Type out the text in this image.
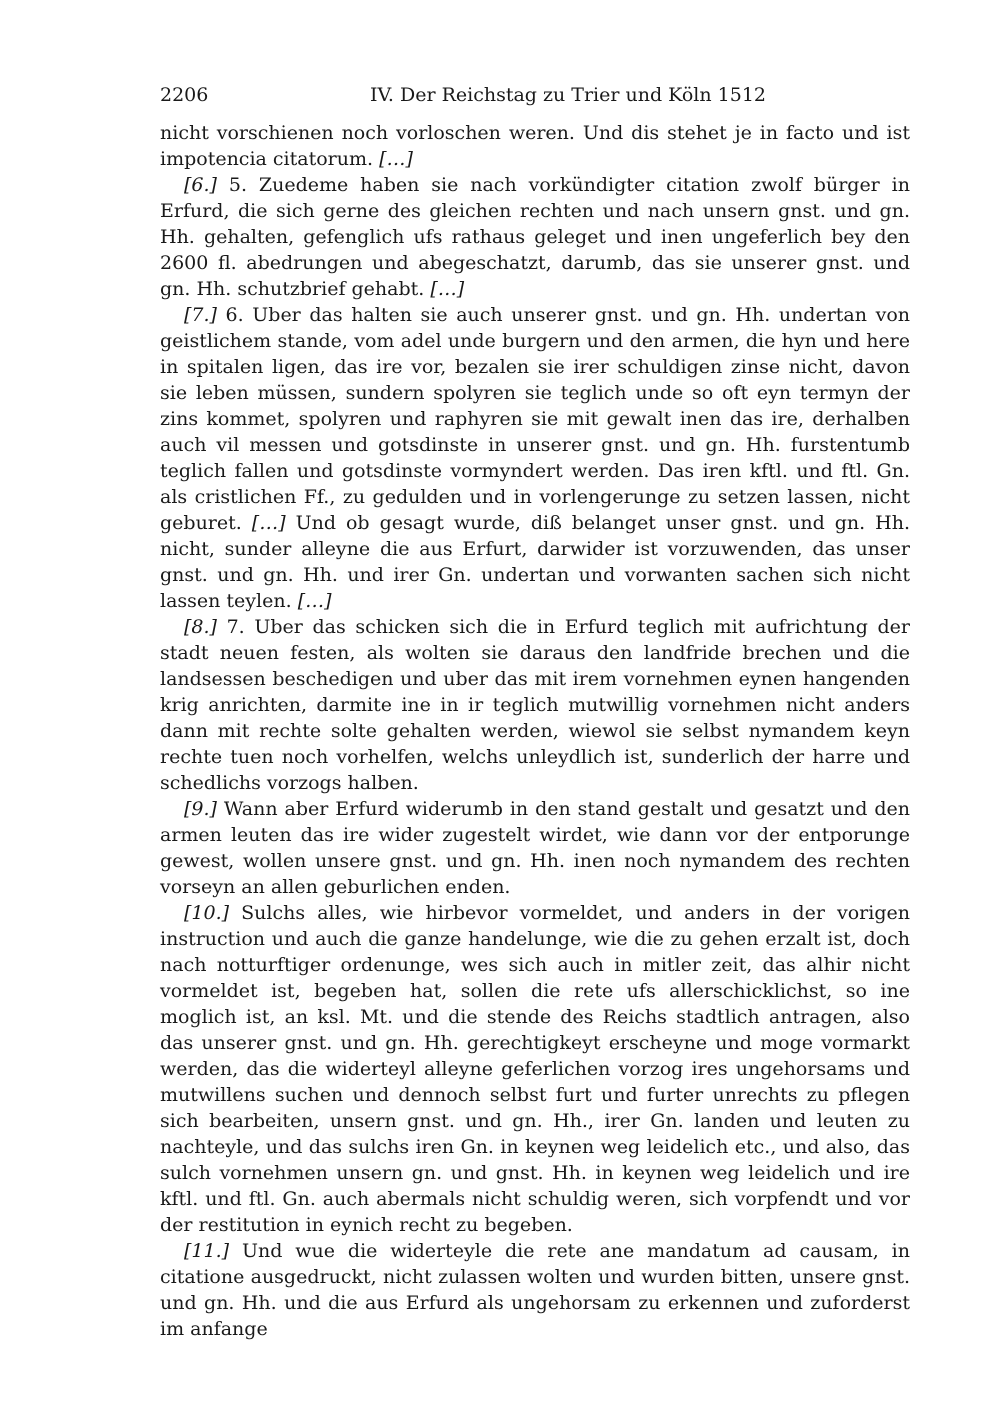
2206	IV. Der Reichstag zu Trier und Köln 1512

nicht vorschienen noch vorloschen weren. Und dis stehet je in facto und ist impotencia citatorum. […]

[6.] 5. Zuedeme haben sie nach vorkündigter citation zwolf bürger in Erfurd, die sich gerne des gleichen rechten und nach unsern gnst. und gn. Hh. gehalten, gefenglich ufs rathaus geleget und inen ungeferlich bey den 2600 fl. abedrungen und abegeschatzt, darumb, das sie unserer gnst. und gn. Hh. schutzbrief gehabt. […]

[7.] 6. Uber das halten sie auch unserer gnst. und gn. Hh. undertan von geistlichem stande, vom adel unde burgern und den armen, die hyn und here in spitalen ligen, das ire vor, bezalen sie irer schuldigen zinse nicht, davon sie leben müssen, sundern spolyren sie teglich unde so oft eyn termyn der zins kommet, spolyren und raphyren sie mit gewalt inen das ire, derhalben auch vil messen und gotsdinste in unserer gnst. und gn. Hh. furstentumb teglich fallen und gotsdinste vormyndert werden. Das iren kftl. und ftl. Gn. als cristlichen Ff., zu gedulden und in vorlengerunge zu setzen lassen, nicht geburet. […] Und ob gesagt wurde, diß belanget unser gnst. und gn. Hh. nicht, sunder alleyne die aus Erfurt, darwider ist vorzuwenden, das unser gnst. und gn. Hh. und irer Gn. undertan und vorwanten sachen sich nicht lassen teylen. […]

[8.] 7. Uber das schicken sich die in Erfurd teglich mit aufrichtung der stadt neuen festen, als wolten sie daraus den landfride brechen und die landsessen beschedigen und uber das mit irem vornehmen eynen hangenden krig anrichten, darmite ine in ir teglich mutwillig vornehmen nicht anders dann mit rechte solte gehalten werden, wiewol sie selbst nymandem keyn rechte tuen noch vorhelfen, welchs unleydlich ist, sunderlich der harre und schedlichs vorzogs halben.

[9.] Wann aber Erfurd widerumb in den stand gestalt und gesatzt und den armen leuten das ire wider zugestelt wirdet, wie dann vor der entporunge gewest, wollen unsere gnst. und gn. Hh. inen noch nymandem des rechten vorseyn an allen geburlichen enden.

[10.] Sulchs alles, wie hirbevor vormeldet, und anders in der vorigen instruction und auch die ganze handelunge, wie die zu gehen erzalt ist, doch nach notturftiger ordenunge, wes sich auch in mitler zeit, das alhir nicht vormeldet ist, begeben hat, sollen die rete ufs allerschicklichst, so ine moglich ist, an ksl. Mt. und die stende des Reichs stadtlich antragen, also das unserer gnst. und gn. Hh. gerechtigkeyt erscheyne und moge vormarkt werden, das die widerteyl alleyne geferlichen vorzog ires ungehorsams und mutwillens suchen und dennoch selbst furt und furter unrechts zu pflegen sich bearbeiten, unsern gnst. und gn. Hh., irer Gn. landen und leuten zu nachteyle, und das sulchs iren Gn. in keynen weg leidelich etc., und also, das sulch vornehmen unsern gn. und gnst. Hh. in keynen weg leidelich und ire kftl. und ftl. Gn. auch abermals nicht schuldig weren, sich vorpfendt und vor der restitution in eynich recht zu begeben.

[11.] Und wue die widerteyle die rete ane mandatum ad causam, in citatione ausgedruckt, nicht zulassen wolten und wurden bitten, unsere gnst. und gn. Hh. und die aus Erfurd als ungehorsam zu erkennen und zuforderst im anfange
